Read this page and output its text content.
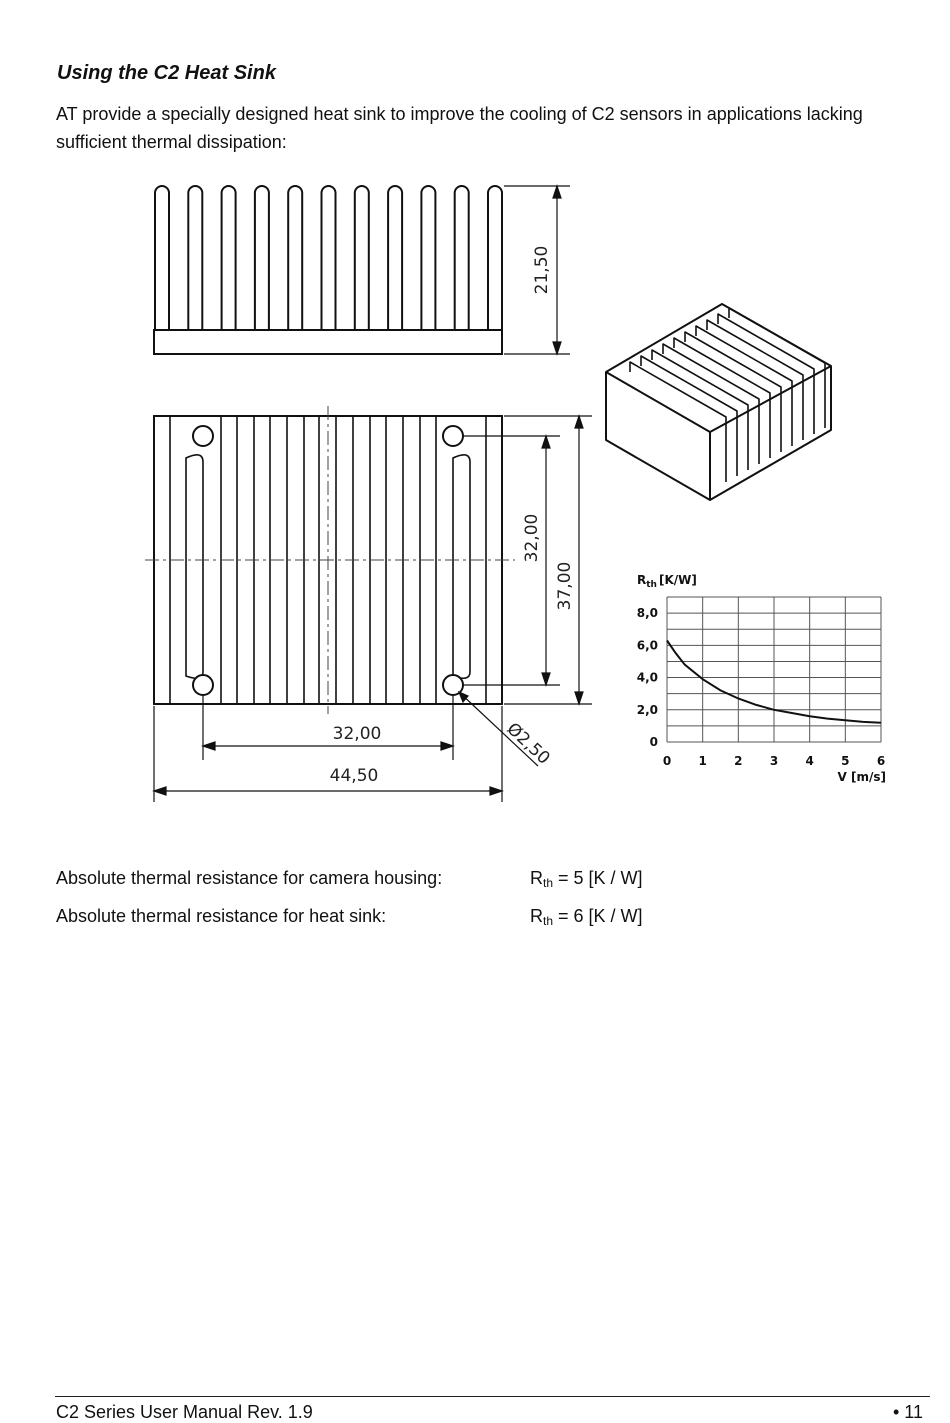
Using the C2 Heat Sink

AT provide a specially designed heat sink to improve the cooling of C2 sensors in applications lacking sufficient thermal dissipation:

21,50
32,00
37,00
32,00
44,50
Ø2,50
$R_{th}$ [K/W]
0
2,0
4,0
6,0
8,0
0 1 2 3 4 5 6
V [m/s]
Absolute thermal resistance for camera housing:	Rth = 5 [K / W]
Absolute thermal resistance for heat sink:	Rth = 6 [K / W]
C2 Series User Manual Rev. 1.9	• 11
